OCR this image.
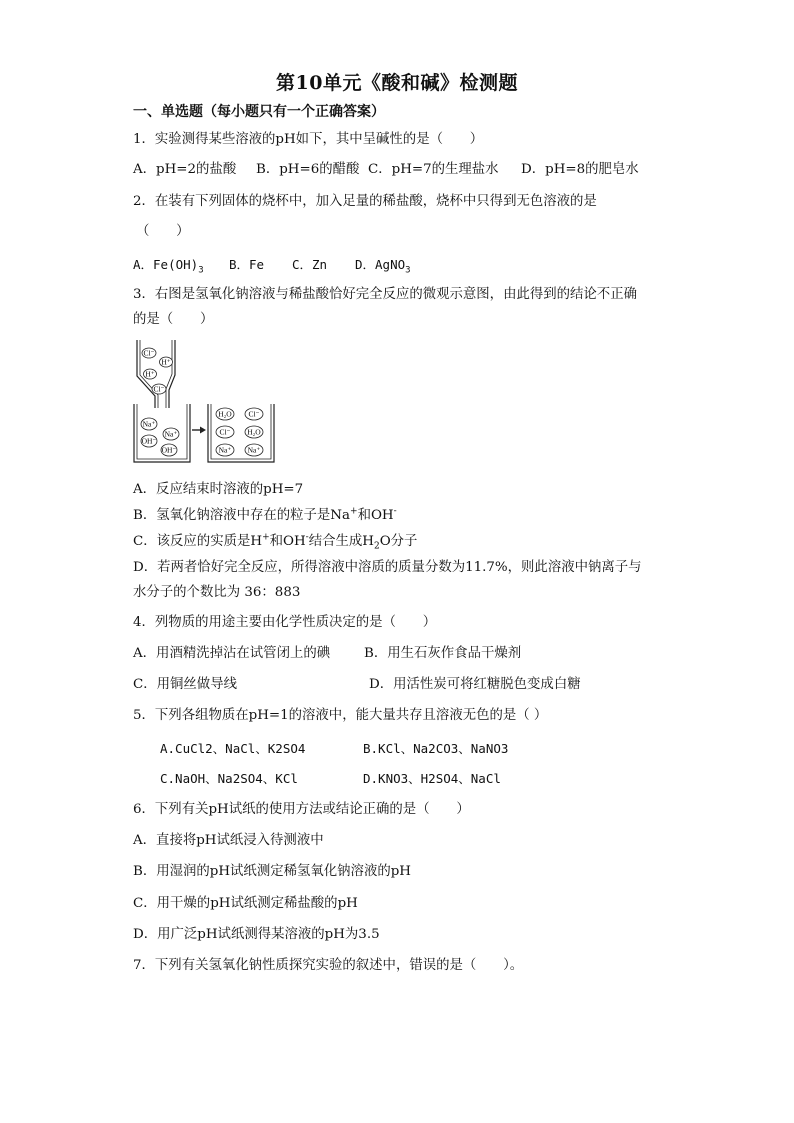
第10单元《酸和碱》检测题
一、单选题（每小题只有一个正确答案）
1．实验测得某些溶液的pH如下，其中呈碱性的是（　　）
A．pH=2的盐酸 B．pH=6的醋酸 C．pH=7的生理盐水 D．pH=8的肥皂水
2．在装有下列固体的烧杯中，加入足量的稀盐酸，烧杯中只得到无色溶液的是
（　　）
A．$Fe(OH)_3$ B．Fe C．Zn D．AgNO$_3$
3．右图是氢氧化钠溶液与稀盐酸恰好完全反应的微观示意图，由此得到的结论不正确
的是（　　）
Cl⁻
H⁺
H⁺
Cl⁻
Na⁺
Na⁺
OH⁻
OH⁻
H₂O Cl⁻
Cl⁻ H₂O
Na⁺ Na⁺
A．反应结束时溶液的pH=7
B．氢氧化钠溶液中存在的粒子是Na+和OH-
C．该反应的实质是H+和OH-结合生成$H_2O$分子
D．若两者恰好完全反应，所得溶液中溶质的质量分数为11.7%，则此溶液中钠离子与
水分子的个数比为 36：883
4．列物质的用途主要由化学性质决定的是（　　）
A．用酒精洗掉沾在试管闭上的碘	B．用生石灰作食品干燥剂
C．用铜丝做导线	D．用活性炭可将红糖脱色变成白糖
5．下列各组物质在pH=1的溶液中，能大量共存且溶液无色的是（ ）
A.CuCl2、NaCl、K2SO4	B.KCl、Na2CO3、NaNO3
C.NaOH、Na2SO4、KCl	D.KNO3、H2SO4、NaCl
6．下列有关pH试纸的使用方法或结论正确的是（　　）
A．直接将pH试纸浸入待测液中
B．用湿润的pH试纸测定稀氢氧化钠溶液的pH
C．用干燥的pH试纸测定稀盐酸的pH
D．用广泛pH试纸测得某溶液的pH为3.5
7．下列有关氢氧化钠性质探究实验的叙述中，错误的是（　　）。
